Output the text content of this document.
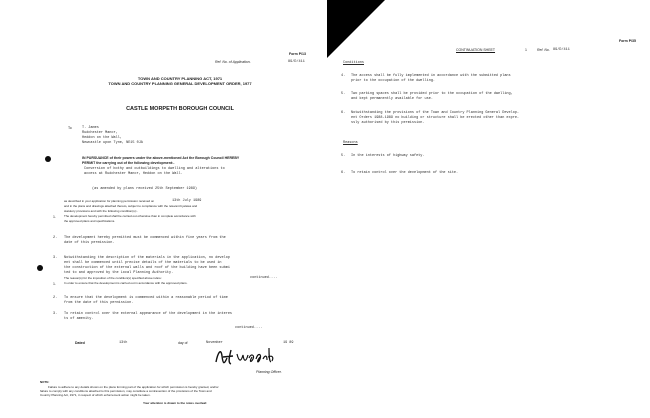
Form P/13
Ref. No. of Application.	89/D/411
TOWN AND COUNTRY PLANNING ACT, 1971
TOWN AND COUNTRY PLANNING GENERAL DEVELOPMENT ORDER, 1977
CASTLE MORPETH BOROUGH COUNCIL
To	T. James
Rudchester Manor,
Heddon on the Wall,
Newcastle upon Tyne, NE15 0JA
IN PURSUANCE of their powers under the above-mentioned Act the Borough Council HEREBY
PERMIT the carrying out of the following development:-
Conversion of bothy and outbuildings to dwelling and alterations to
access at Rudchester Manor, Heddon on the Wall.
(as amended by plans received 25th September 1989)
as described in your application for planning permission received on	13th July 1989
and in the plans and drawings attached thereto, subject to compliance with the relevant byelaws and
statutory provisions and with the following condition(s):-
1.	The development hereby permitted shall be carried out otherwise than in complete accordance with
the approved plans and specifications.
2. The development hereby permitted must be commenced within five years from the
date of this permission.
3. Notwithstanding the description of the materials in the application, no develop
ent shall be commenced until precise details of the materials to be used in
the construction of the external walls and roof of the building have been submi
ted to and approved by the Local Planning Authority.
The reason(s) for the imposition of the condition(s) specified above is/are:	continued....
1.	In order to ensure that the development is carried out in accordance with the approved plans.
2. To ensure that the development is commenced within a reasonable period of time
from the date of this permission.
3. To retain control over the external appearance of the development in the interes
ts of amenity.
continued....
Dated	13th	day of	November	19 89
Planning Officer.
NOTE:
Failure to adhere to any details shown on the plans forming part of the application for which permission is hereby granted, and/or
failure to comply with any conditions attached to this permission, may constitute a contravention of the provisions of the Town and
Country Planning Act, 1971, in respect of which enforcement action might be taken.
Your attention is drawn to the notes overleaf.
Form P/35
CONTINUATION SHEET	1	Ref. No. 89/D/411
Conditions
4. The access shall be fully implemented in accordance with the submitted plans
prior to the occupation of the dwelling.
5. Two parking spaces shall be provided prior to the occupation of the dwelling,
and kept permanently available for use.
6. Notwithstanding the provisions of the Town and Country Planning General Develop-
ent Orders 1988-1989 no building or structure shall be erected other than expre-
ssly authorised by this permission.
Reasons
5. In the interests of highway safety.
6. To retain control over the development of the site.
